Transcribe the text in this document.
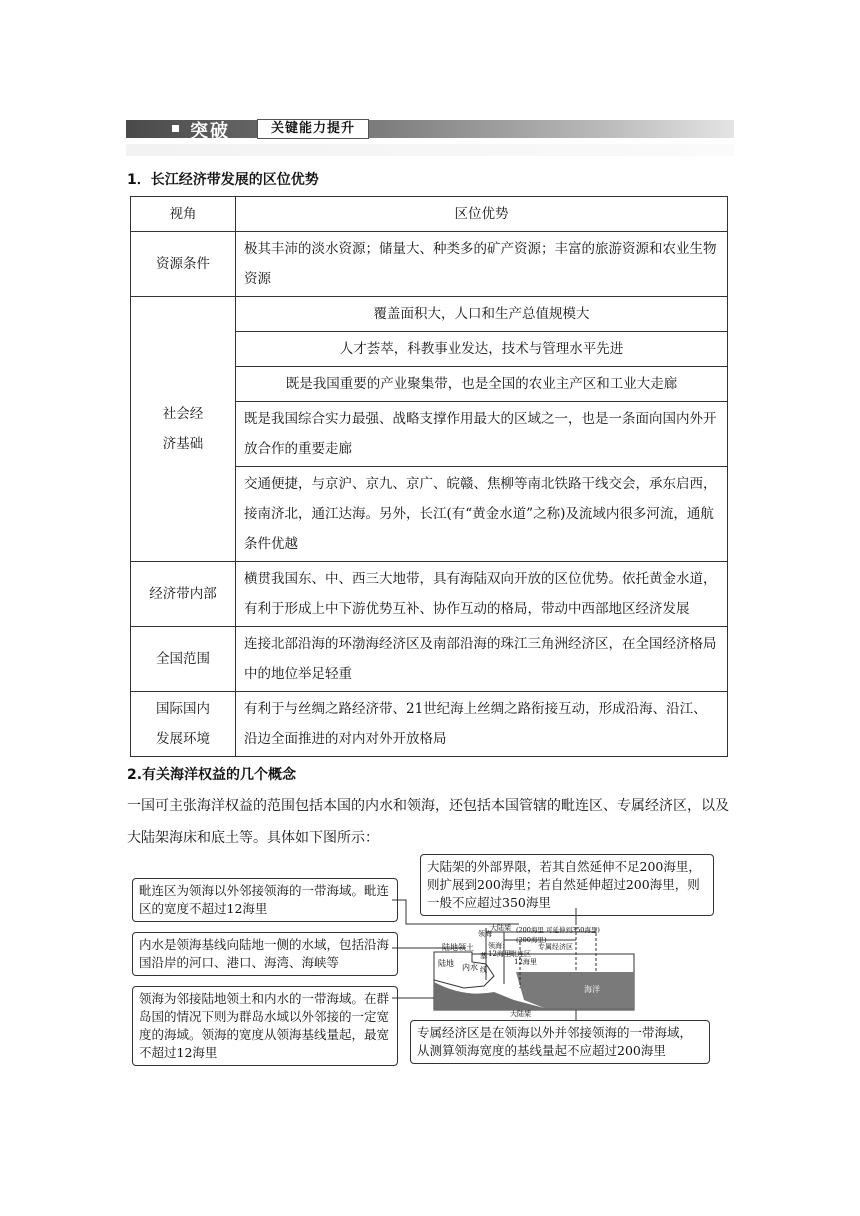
突破	关键能力提升
1．长江经济带发展的区位优势
视角	区位优势
资源条件	极其丰沛的淡水资源；储量大、种类多的矿产资源；丰富的旅游资源和农业生物资源
社会经
济基础	覆盖面积大，人口和生产总值规模大
	人才荟萃，科教事业发达，技术与管理水平先进
	既是我国重要的产业聚集带，也是全国的农业主产区和工业大走廊
	既是我国综合实力最强、战略支撑作用最大的区域之一，也是一条面向国内外开放合作的重要走廊
	交通便捷，与京沪、京九、京广、皖赣、焦柳等南北铁路干线交会，承东启西，接南济北，通江达海。另外，长江(有“黄金水道”之称)及流域内很多河流，通航条件优越
经济带内部	横贯我国东、中、西三大地带，具有海陆双向开放的区位优势。依托黄金水道，有利于形成上中下游优势互补、协作互动的格局，带动中西部地区经济发展
全国范围	连接北部沿海的环渤海经济区及南部沿海的珠江三角洲经济区，在全国经济格局中的地位举足轻重
国际国内
发展环境	有利于与丝绸之路经济带、21世纪海上丝绸之路衔接互动，形成沿海、沿江、沿边全面推进的对内对外开放格局
2.有关海洋权益的几个概念

一国可主张海洋权益的范围包括本国的内水和领海，还包括本国管辖的毗连区、专属经济区，以及大陆架海床和底土等。具体如下图所示：

毗连区为领海以外邻接领海的一带海域。毗连区的宽度不超过12海里
内水是领海基线向陆地一侧的水域，包括沿海国沿岸的河口、港口、海湾、海峡等
领海为邻接陆地领土和内水的一带海域。在群岛国的情况下则为群岛水域以外邻接的一定宽度的海域。领海的宽度从领海基线量起，最宽不超过12海里
大陆架的外部界限，若其自然延伸不足200海里，则扩展到200海里；若自然延伸超过200海里，则一般不应超过350海里
专属经济区是在领海以外并邻接领海的一带海域，从测算领海宽度的基线量起不应超过200海里
陆地领土
陆地 内水
领海
基
线
大陆架
领海：
12海里 毗连区
12海里
(200海里 可延伸到350海里)
(200海里)
专属经济区
海洋
大陆架
